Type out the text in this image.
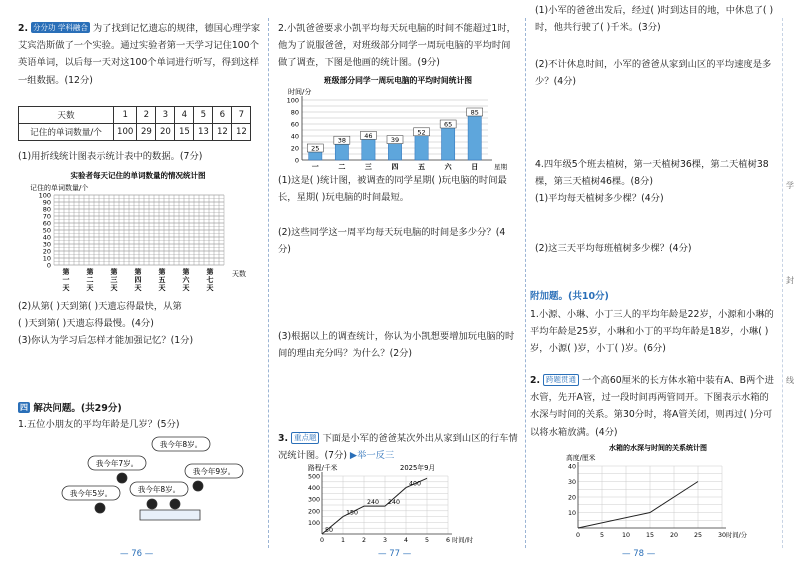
学
封
线
2. 分分功 学科融合 为了找到记忆遗忘的规律，德国心理学家艾宾浩斯做了一个实验。通过实验者第一天学习记住100个英语单词，以后每一天对这100个单词进行听写，得到这样一组数据。(12分)
天数	1	2	3	4	5	6	7
记住的单词数量/个	100	29	20	15	13	12	12
(1)用折线统计图表示统计表中的数据。(7分)
实验者每天记住的单词数量的情况统计图
记住的单词数量/个
100
90
80
70
60
50
40
30
20
10
0
第
一
天
第
二
天
第
三
天
第
四
天
第
五
天
第
六
天
第
七
天
天数
(2)从第( )天到第( )天遗忘得最快，从第
( )天到第( )天遗忘得最慢。(4分)
(3)你认为学习后怎样才能加强记忆？(1分)
四 解决问题。(共29分)
1.五位小朋友的平均年龄是几岁？(5分)
我今年8岁。
我今年7岁。
我今年9岁。
我今年8岁。
我今年5岁。
— 76 —
2.小凯爸爸要求小凯平均每天玩电脑的时间不能超过1时，他为了说服爸爸，对班级部分同学一周玩电脑的平均时间做了调查，下图是他画的统计图。(9分)
班级部分同学一周玩电脑的平均时间统计图
时间/分
0
20
40
60
80
100
25
一
38
二
46
三
39
四
52
五
65
六
85
日 星期
(1)这是( )统计图，被调查的同学星期( )玩电脑的时间最长，星期( )玩电脑的时间最短。
(2)这些同学这一周平均每天玩电脑的时间是多少分？(4分)
(3)根据以上的调查统计，你认为小凯想要增加玩电脑的时间的理由充分吗？为什么？(2分)
3. 重点题 下面是小军的爸爸某次外出从家到山区的行车情况统计图。(7分) ▶举一反三
路程/千米	2025年9月
100
200
300
400
500
0	1	2	3	4	5	6 时间/时
50
150
240 240
400
— 77 —
(1)小军的爸爸出发后，经过( )时到达目的地，中休息了( )时，他共行驶了( )千米。(3分)
(2)不计休息时间，小军的爸爸从家到山区的平均速度是多少？(4分)
4.四年级5个班去植树，第一天植树36棵，第二天植树38棵，第三天植树46棵。(8分)
(1)平均每天植树多少棵？(4分)
(2)这三天平均每班植树多少棵？(4分)
附加题。(共10分)
1.小源、小琳、小丁三人的平均年龄是22岁，小源和小琳的平均年龄是25岁，小琳和小丁的平均年龄是18岁，小琳( )岁，小源( )岁，小丁( )岁。(6分)
2. 跨题贯通 一个高60厘米的长方体水箱中装有A、B两个进水管，先开A管，过一段时间再两管同开。下图表示水箱的水深与时间的关系。第30分时，将A管关闭，则再过( )分可以将水箱放满。(4分)
水箱的水深与时间的关系统计图
高度/厘米
10
20
30
40
0	5	10	15	20	25	30 时间/分
— 78 —
